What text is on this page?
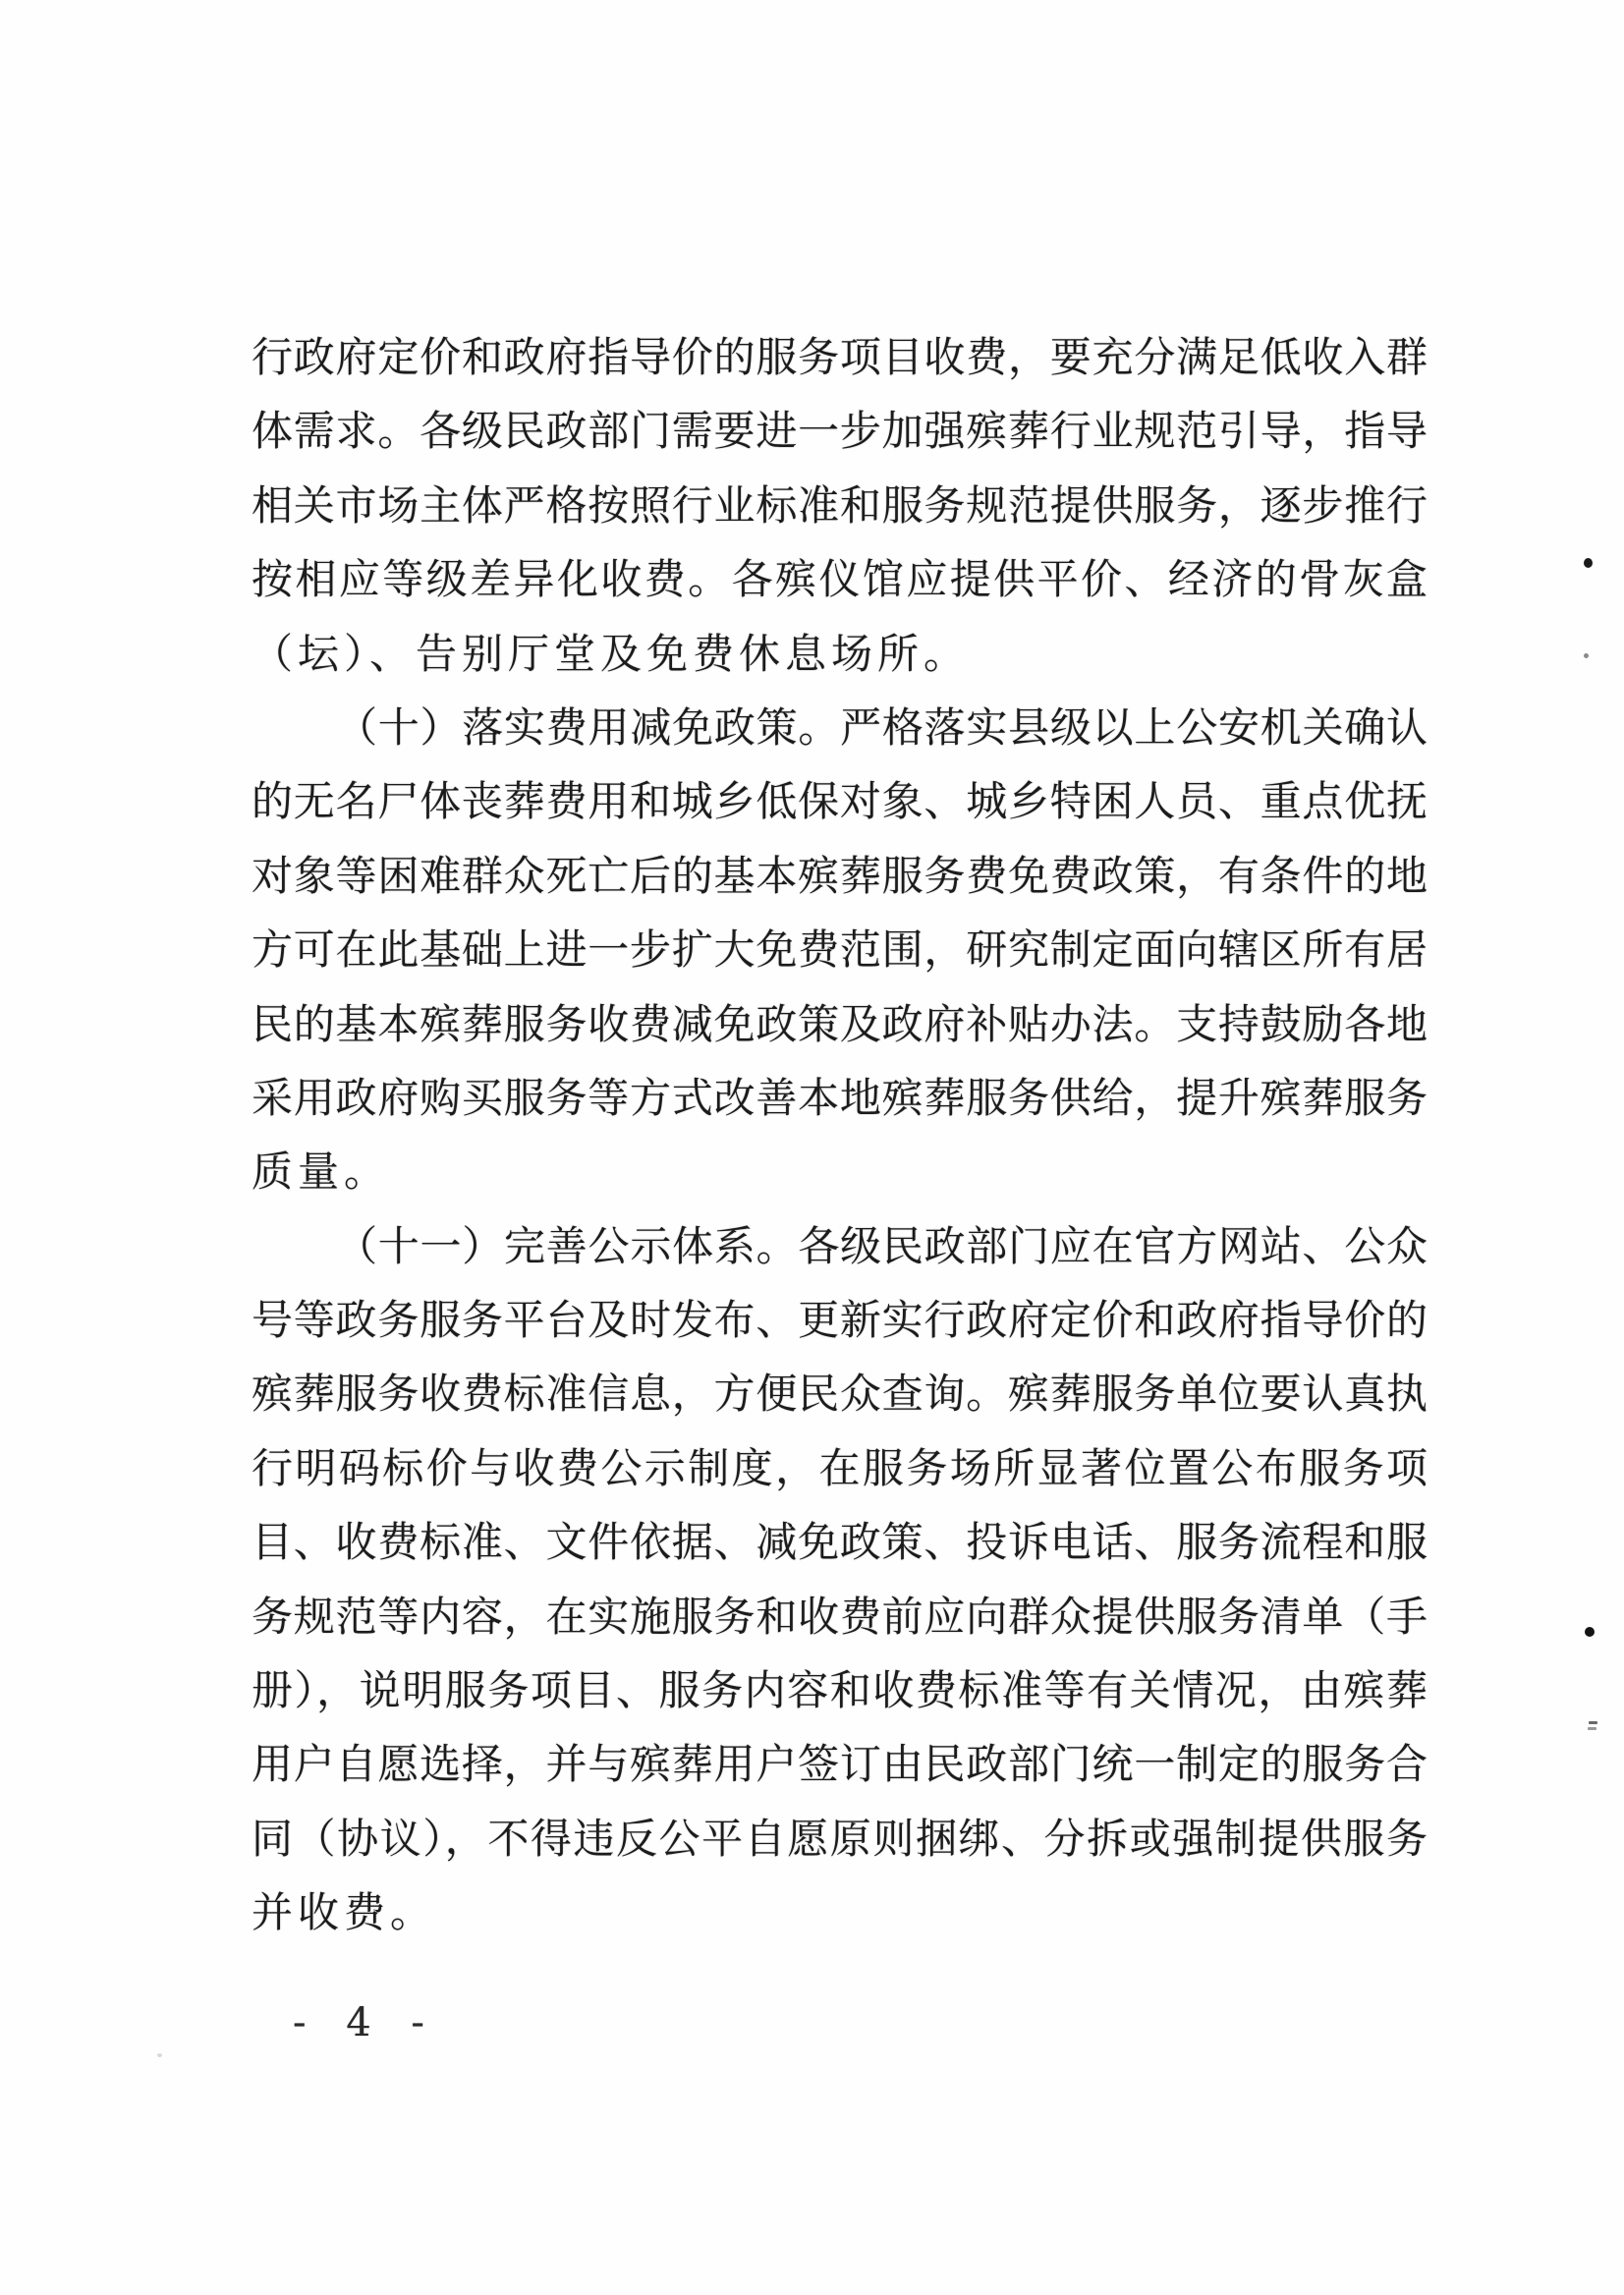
行政府定价和政府指导价的服务项目收费，要充分满足低收入群
体需求。各级民政部门需要进一步加强殡葬行业规范引导，指导
相关市场主体严格按照行业标准和服务规范提供服务，逐步推行
按相应等级差异化收费。各殡仪馆应提供平价、经济的骨灰盒
（坛）、告别厅堂及免费休息场所。
（十）落实费用减免政策。严格落实县级以上公安机关确认
的无名尸体丧葬费用和城乡低保对象、城乡特困人员、重点优抚
对象等困难群众死亡后的基本殡葬服务费免费政策，有条件的地
方可在此基础上进一步扩大免费范围，研究制定面向辖区所有居
民的基本殡葬服务收费减免政策及政府补贴办法。支持鼓励各地
采用政府购买服务等方式改善本地殡葬服务供给，提升殡葬服务
质量。
（十一）完善公示体系。各级民政部门应在官方网站、公众
号等政务服务平台及时发布、更新实行政府定价和政府指导价的
殡葬服务收费标准信息，方便民众查询。殡葬服务单位要认真执
行明码标价与收费公示制度，在服务场所显著位置公布服务项
目、收费标准、文件依据、减免政策、投诉电话、服务流程和服
务规范等内容，在实施服务和收费前应向群众提供服务清单（手
册），说明服务项目、服务内容和收费标准等有关情况，由殡葬
用户自愿选择，并与殡葬用户签订由民政部门统一制定的服务合
同（协议），不得违反公平自愿原则捆绑、分拆或强制提供服务
并收费。
- 4 -
